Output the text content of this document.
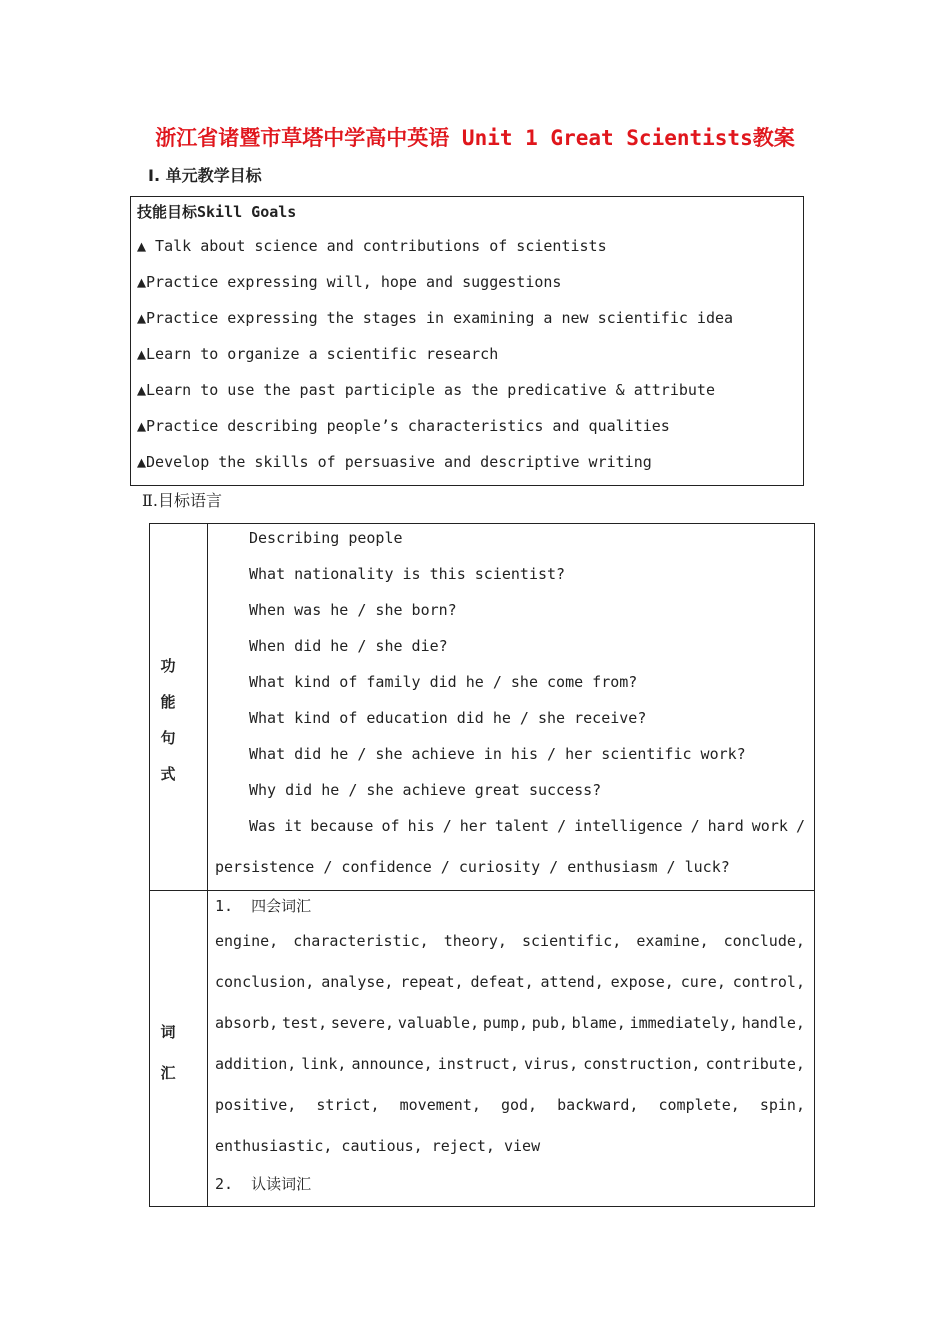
浙江省诸暨市草塔中学高中英语 Unit 1 Great Scientists教案
Ⅰ. 单元教学目标
技能目标Skill Goals
▲ Talk about science and contributions of scientists
▲Practice expressing will, hope and suggestions
▲Practice expressing the stages in examining a new scientific idea
▲Learn to organize a scientific research
▲Learn to use the past participle as the predicative & attribute
▲Practice describing people’s characteristics and qualities
▲Develop the skills of persuasive and descriptive writing
Ⅱ.目标语言
功
能
句
式
Describing people
What nationality is this scientist?
When was he / she born?
When did he / she die?
What kind of family did he / she come from?
What kind of education did he / she receive?
What did he / she achieve in his / her scientific work?
Why did he / she achieve great success?
Was it because of his / her talent / intelligence / hard work /
persistence / confidence / curiosity / enthusiasm / luck?
词
汇
1.  四会词汇
engine, characteristic, theory, scientific, examine, conclude,
conclusion, analyse, repeat, defeat, attend, expose, cure, control,
absorb, test, severe, valuable, pump, pub, blame, immediately, handle,
addition, link, announce, instruct, virus, construction, contribute,
positive, strict, movement, god, backward, complete, spin,
enthusiastic, cautious, reject, view
2.  认读词汇
